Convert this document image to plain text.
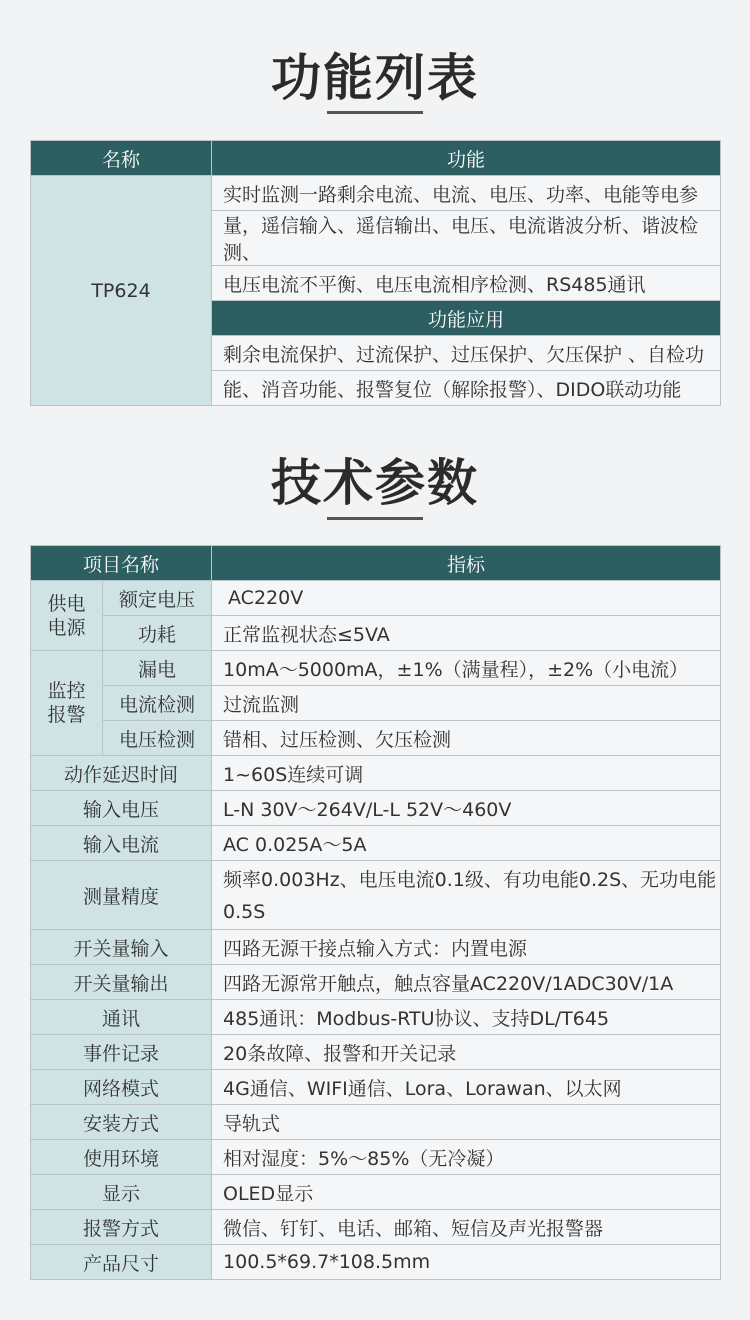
功能列表
名称	功能
TP624	实时监测一路剩余电流、电流、电压、功率、电能等电参
	量，遥信输入、遥信输出、电压、电流谐波分析、谐波检测、
	电压电流不平衡、电压电流相序检测、RS485通讯
	功能应用
	剩余电流保护、过流保护、过压保护、欠压保护 、自检功
	能、消音功能、报警复位（解除报警）、DIDO联动功能
技术参数
项目名称		指标
供电电源	额定电压	AC220V
	功耗	正常监视状态≤5VA
监控报警	漏电	10mA～5000mA，±1%（满量程），±2%（小电流）
	电流检测	过流监测
	电压检测	错相、过压检测、欠压检测
动作延迟时间		1~60S连续可调
输入电压		L-N 30V～264V/L-L 52V～460V
输入电流		AC 0.025A～5A
测量精度		频率0.003Hz、电压电流0.1级、有功电能0.2S、无功电能
		0.5S
开关量输入		四路无源干接点输入方式：内置电源
开关量输出		四路无源常开触点，触点容量AC220V/1ADC30V/1A
通讯		485通讯：Modbus-RTU协议、支持DL/T645
事件记录		20条故障、报警和开关记录
网络模式		4G通信、WIFI通信、Lora、Lorawan、以太网
安装方式		导轨式
使用环境		相对湿度：5%～85%（无冷凝）
显示		OLED显示
报警方式		微信、钉钉、电话、邮箱、短信及声光报警器
产品尺寸		100.5*69.7*108.5mm
